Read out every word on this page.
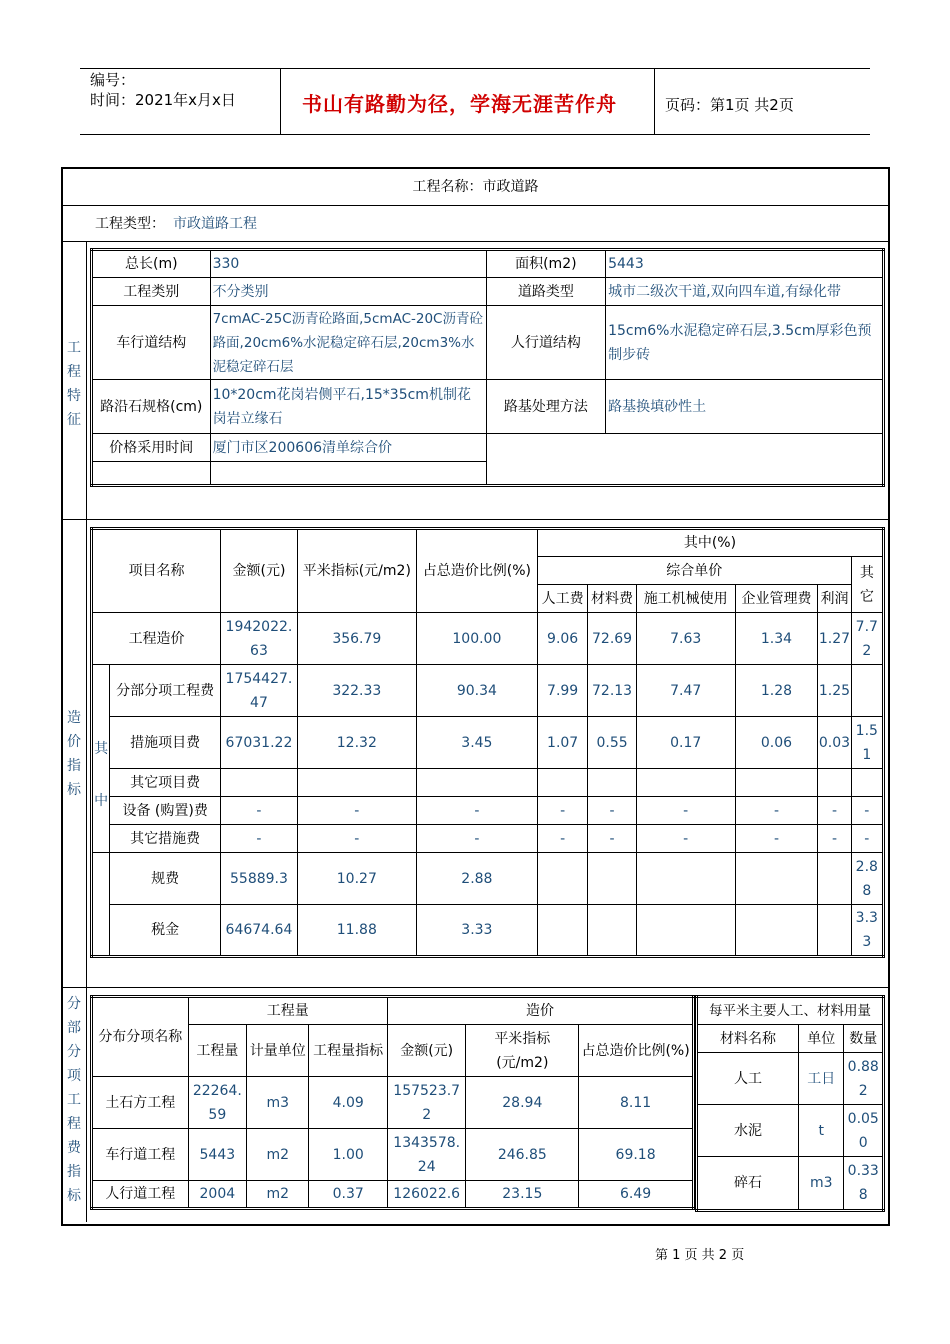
编号：
时间：2021年x月x日	书山有路勤为径，学海无涯苦作舟	页码：第1页 共2页
工程名称：市政道路
工程类型： 市政道路工程
工程特征
造价指标
分部分项工程费指标
总长(m)	330	面积(m2)	5443
工程类别	不分类别	道路类型	城市二级次干道,双向四车道,有绿化带
车行道结构	7cmAC-25C沥青砼路面,5cmAC-20C沥青砼路面,20cm6%水泥稳定碎石层,20cm3%水泥稳定碎石层	人行道结构	15cm6%水泥稳定碎石层,3.5cm厚彩色预制步砖
路沿石规格(cm)	10*20cm花岗岩侧平石,15*35cm机制花岗岩立缘石	路基处理方法	路基换填砂性土
价格采用时间	厦门市区200606清单综合价		

项目名称		金额(元)	平米指标(元/m2)	占总造价比例(%)	其中(%)					
					综合单价					其它
					人工费	材料费	施工机械使用	企业管理费	利润	
工程造价		1942022.63	356.79	100.00	9.06	72.69	7.63	1.34	1.27	7.72

其中	分部分项工程费	1754427.47	322.33	90.34	7.99	72.13	7.47	1.28	1.25	
	措施项目费	67031.22	12.32	3.45	1.07	0.55	0.17	0.06	0.03	1.51
	其它项目费									
	设备 (购置)费	-	-	-	-	-	-	-	-	-
	其它措施费	-	-	-	-	-	-	-	-	-
	规费	55889.3	10.27	2.88						2.88
	税金	64674.64	11.88	3.33						3.33
分布分项名称	工程量			造价		
	工程量	计量单位	工程量指标	金额(元)	平米指标(元/m2)	占总造价比例(%)
土石方工程	22264.59	m3	4.09	157523.72	28.94	8.11
车行道工程	5443	m2	1.00	1343578.24	246.85	69.18
人行道工程	2004	m2	0.37	126022.6	23.15	6.49
每平米主要人工、材料用量		
材料名称	单位	数量
人工	工日	0.882
水泥	t	0.050
碎石	m3	0.338
第 1 页 共 2 页
